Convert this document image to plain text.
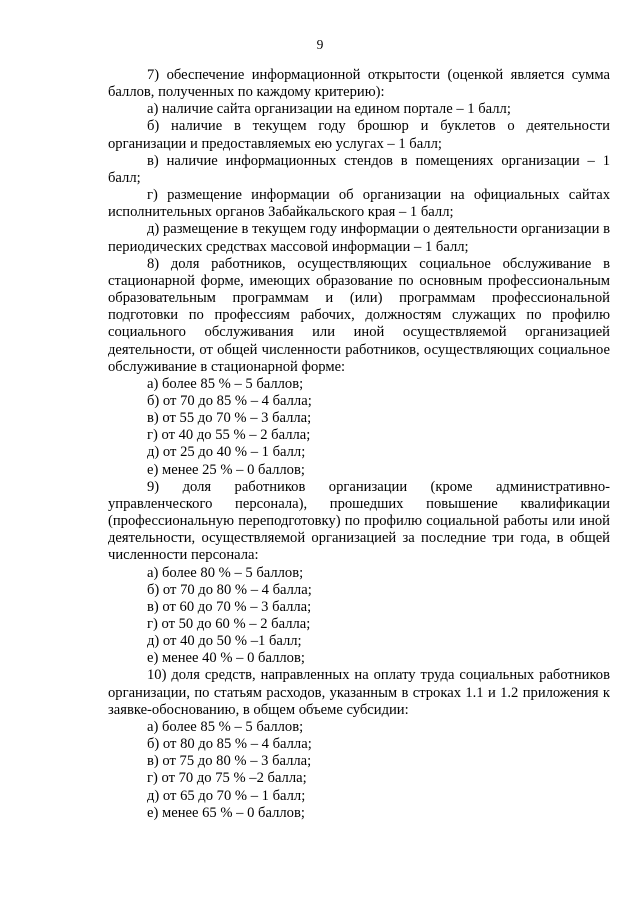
9

7) обеспечение информационной открытости (оценкой является сумма баллов, полученных по каждому критерию):

а) наличие сайта организации на едином портале – 1 балл;

б) наличие в текущем году брошюр и буклетов о деятельности организации и предоставляемых ею услугах – 1 балл;

в) наличие информационных стендов в помещениях организации – 1 балл;

г) размещение информации об организации на официальных сайтах исполнительных органов Забайкальского края – 1 балл;

д) размещение в текущем году информации о деятельности организации в периодических средствах массовой информации – 1 балл;

8) доля работников, осуществляющих социальное обслуживание в стационарной форме, имеющих образование по основным профессиональным образовательным программам и (или) программам профессиональной подготовки по профессиям рабочих, должностям служащих по профилю социального обслуживания или иной осуществляемой организацией деятельности, от общей численности работников, осуществляющих социальное обслуживание в стационарной форме:

а) более 85 % – 5 баллов;

б) от 70 до 85 % – 4 балла;

в) от 55 до 70 % – 3 балла;

г) от 40 до 55 % – 2 балла;

д) от 25 до 40 % – 1 балл;

е) менее 25 % – 0 баллов;

9) доля работников организации (кроме административно-управленческого персонала), прошедших повышение квалификации (профессиональную переподготовку) по профилю социальной работы или иной деятельности, осуществляемой организацией за последние три года, в общей численности персонала:

а) более 80 % – 5 баллов;

б) от 70 до 80 % – 4 балла;

в) от 60 до 70 % – 3 балла;

г) от 50 до 60 % – 2 балла;

д) от 40 до 50 % –1 балл;

е) менее 40 % – 0 баллов;

10) доля средств, направленных на оплату труда социальных работников организации, по статьям расходов, указанным в строках 1.1 и 1.2 приложения к заявке-обоснованию, в общем объеме субсидии:

а) более 85 % – 5 баллов;

б) от 80 до 85 % – 4 балла;

в) от 75 до 80 % – 3 балла;

г) от 70 до 75 % –2 балла;

д) от 65 до 70 % – 1 балл;

е) менее 65 % – 0 баллов;
